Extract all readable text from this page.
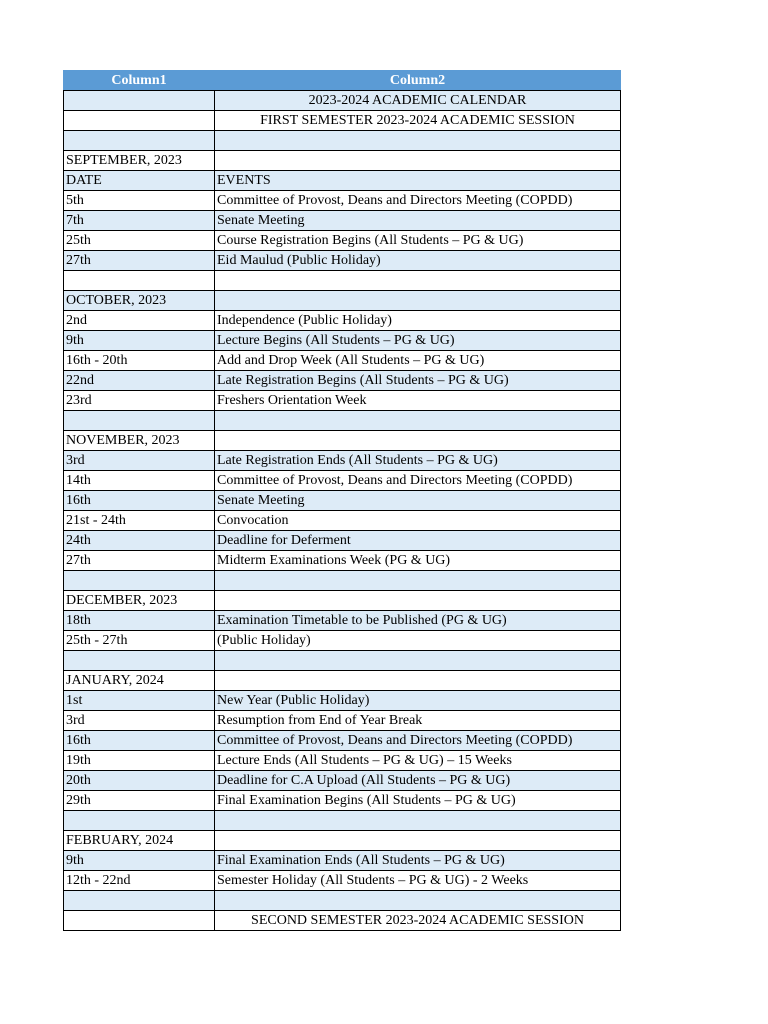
Column1	Column2
	2023-2024 ACADEMIC CALENDAR
	FIRST SEMESTER 2023-2024 ACADEMIC SESSION

SEPTEMBER, 2023	
DATE	EVENTS
5th	Committee of Provost, Deans and Directors Meeting (COPDD)
7th	Senate Meeting
25th	Course Registration Begins (All Students – PG & UG)
27th	Eid Maulud (Public Holiday)

OCTOBER, 2023	
2nd	Independence (Public Holiday)
9th	Lecture Begins (All Students – PG & UG)
16th - 20th	Add and Drop Week (All Students – PG & UG)
22nd	Late Registration Begins (All Students – PG & UG)
23rd	Freshers Orientation Week

NOVEMBER, 2023	
3rd	Late Registration Ends (All Students – PG & UG)
14th	Committee of Provost, Deans and Directors Meeting (COPDD)
16th	Senate Meeting
21st - 24th	Convocation
24th	Deadline for Deferment
27th	Midterm Examinations Week (PG & UG)

DECEMBER, 2023	
18th	Examination Timetable to be Published (PG & UG)
25th - 27th	(Public Holiday)

JANUARY, 2024	
1st	New Year (Public Holiday)
3rd	Resumption from End of Year Break
16th	Committee of Provost, Deans and Directors Meeting (COPDD)
19th	Lecture Ends (All Students – PG & UG) – 15 Weeks
20th	Deadline for C.A Upload (All Students – PG & UG)
29th	Final Examination Begins (All Students – PG & UG)

FEBRUARY, 2024	
9th	Final Examination Ends (All Students – PG & UG)
12th - 22nd	Semester Holiday (All Students – PG & UG) - 2 Weeks

	SECOND SEMESTER 2023-2024 ACADEMIC SESSION
